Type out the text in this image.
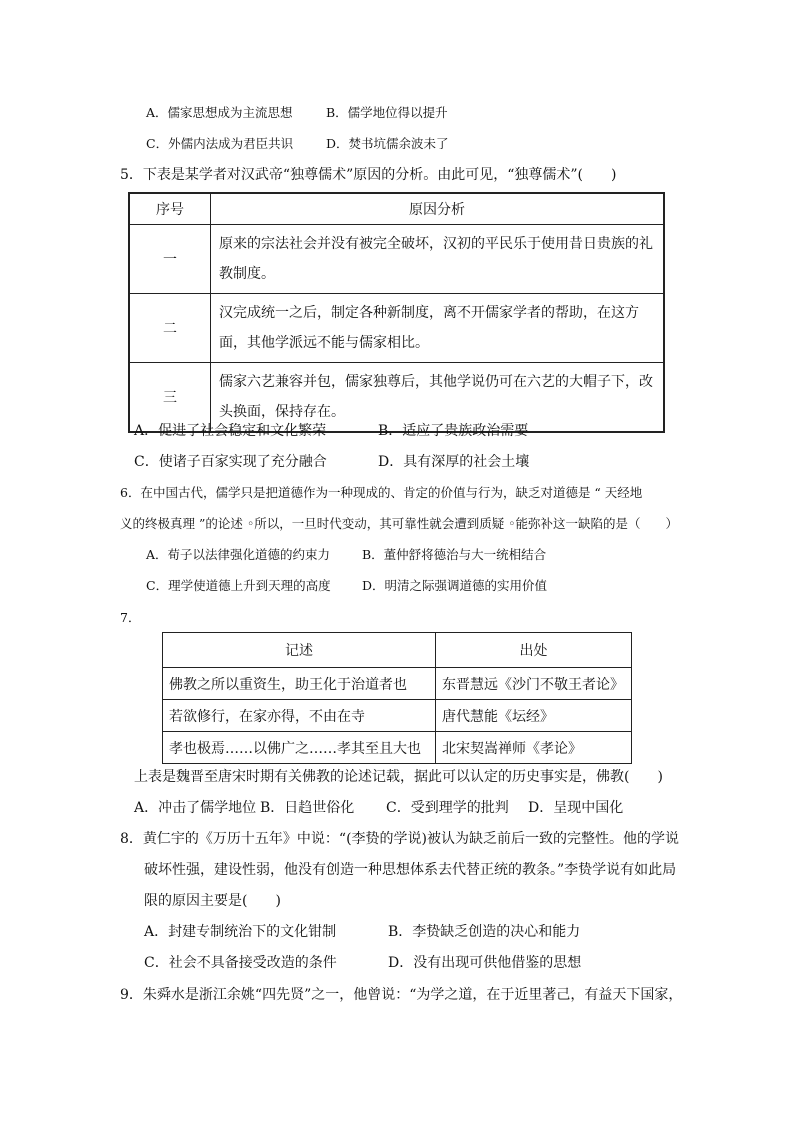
A．儒家思想成为主流思想	B．儒学地位得以提升
C．外儒内法成为君臣共识	D．焚书坑儒余波未了
5．下表是某学者对汉武帝“独尊儒术”原因的分析。由此可见，“独尊儒术”(　　)
序号	原因分析
一	原来的宗法社会并没有被完全破坏，汉初的平民乐于使用昔日贵族的礼教制度。
二	汉完成统一之后，制定各种新制度，离不开儒家学者的帮助，在这方面，其他学派远不能与儒家相比。
三	儒家六艺兼容并包，儒家独尊后，其他学说仍可在六艺的大帽子下，改头换面，保持存在。
A．促进了社会稳定和文化繁荣	B．适应了贵族政治需要
C．使诸子百家实现了充分融合	D．具有深厚的社会土壤
6．在中国古代，儒学只是把道德作为一种现成的、肯定的价值与行为，缺乏对道德是 “ 天经地
义的终极真理 ”的论述 ◦所以，一旦时代变动，其可靠性就会遭到质疑 ◦能弥补这一缺陷的是（　　）
A．荀子以法律强化道德的约束力	B．董仲舒将德治与大一统相结合
C．理学使道德上升到天理的高度	D．明清之际强调道德的实用价值
7．
记述	出处
佛教之所以重资生，助王化于治道者也	东晋慧远《沙门不敬王者论》
若欲修行，在家亦得，不由在寺	唐代慧能《坛经》
孝也极焉……以佛广之……孝其至且大也	北宋契嵩禅师《孝论》
上表是魏晋至唐宋时期有关佛教的论述记载，据此可以认定的历史事实是，佛教(　　)
A．冲击了儒学地位 B．日趋世俗化 C．受到理学的批判 D．呈现中国化
8．黄仁宇的《万历十五年》中说：“(李贽的学说)被认为缺乏前后一致的完整性。他的学说
破坏性强，建设性弱，他没有创造一种思想体系去代替正统的教条。”李贽学说有如此局
限的原因主要是(　　)
A．封建专制统治下的文化钳制	B．李贽缺乏创造的决心和能力
C．社会不具备接受改造的条件	D．没有出现可供他借鉴的思想
9．朱舜水是浙江余姚“四先贤”之一，他曾说：“为学之道，在于近里著己，有益天下国家，
